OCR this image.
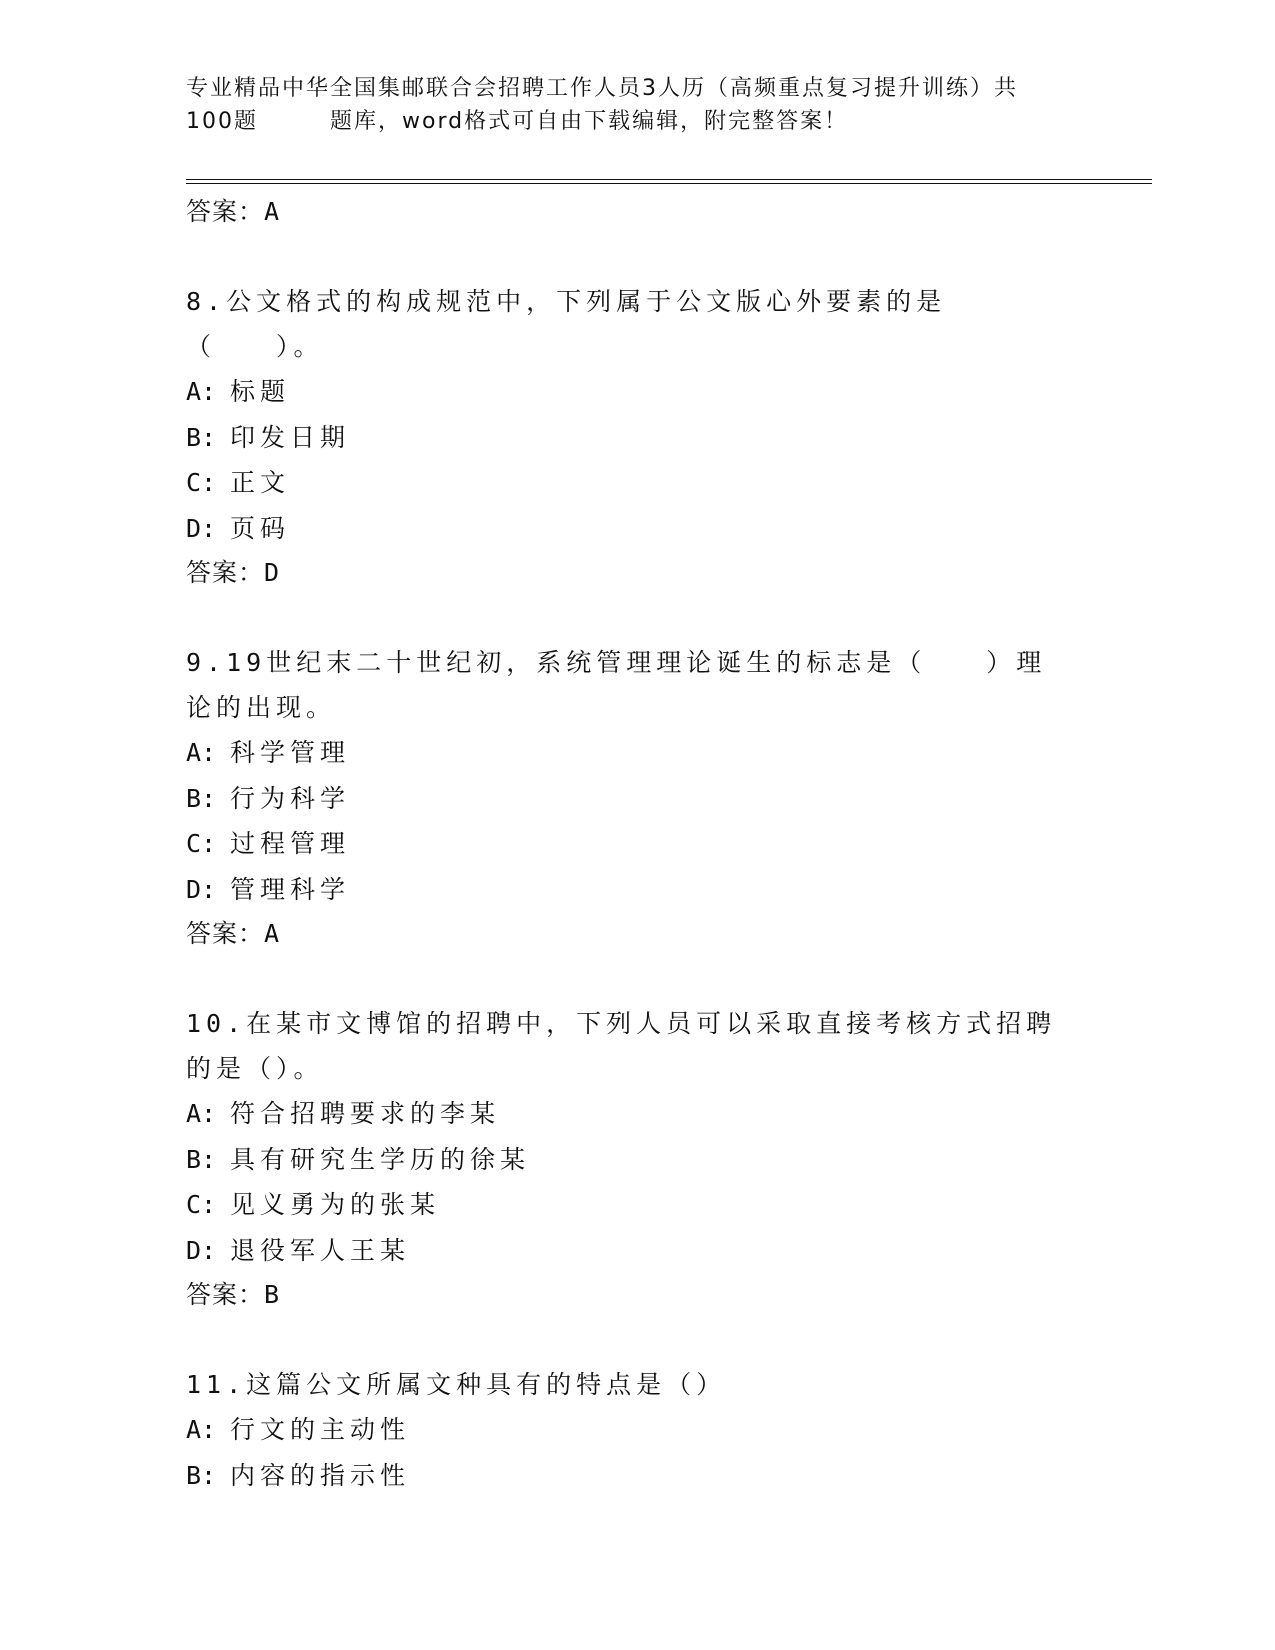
专业精品中华全国集邮联合会招聘工作人员3人历（高频重点复习提升训练）共
100题	题库，word格式可自由下载编辑，附完整答案！
答案：A
8.公文格式的构成规范中，下列属于公文版心外要素的是（　　）。
A: 标题
B: 印发日期
C: 正文
D: 页码
答案：D
9.19世纪末二十世纪初，系统管理理论诞生的标志是（　　）理论的出现。
A: 科学管理
B: 行为科学
C: 过程管理
D: 管理科学
答案：A
10.在某市文博馆的招聘中，下列人员可以采取直接考核方式招聘的是（）。
A: 符合招聘要求的李某
B: 具有研究生学历的徐某
C: 见义勇为的张某
D: 退役军人王某
答案：B
11.这篇公文所属文种具有的特点是（）
A: 行文的主动性
B: 内容的指示性
